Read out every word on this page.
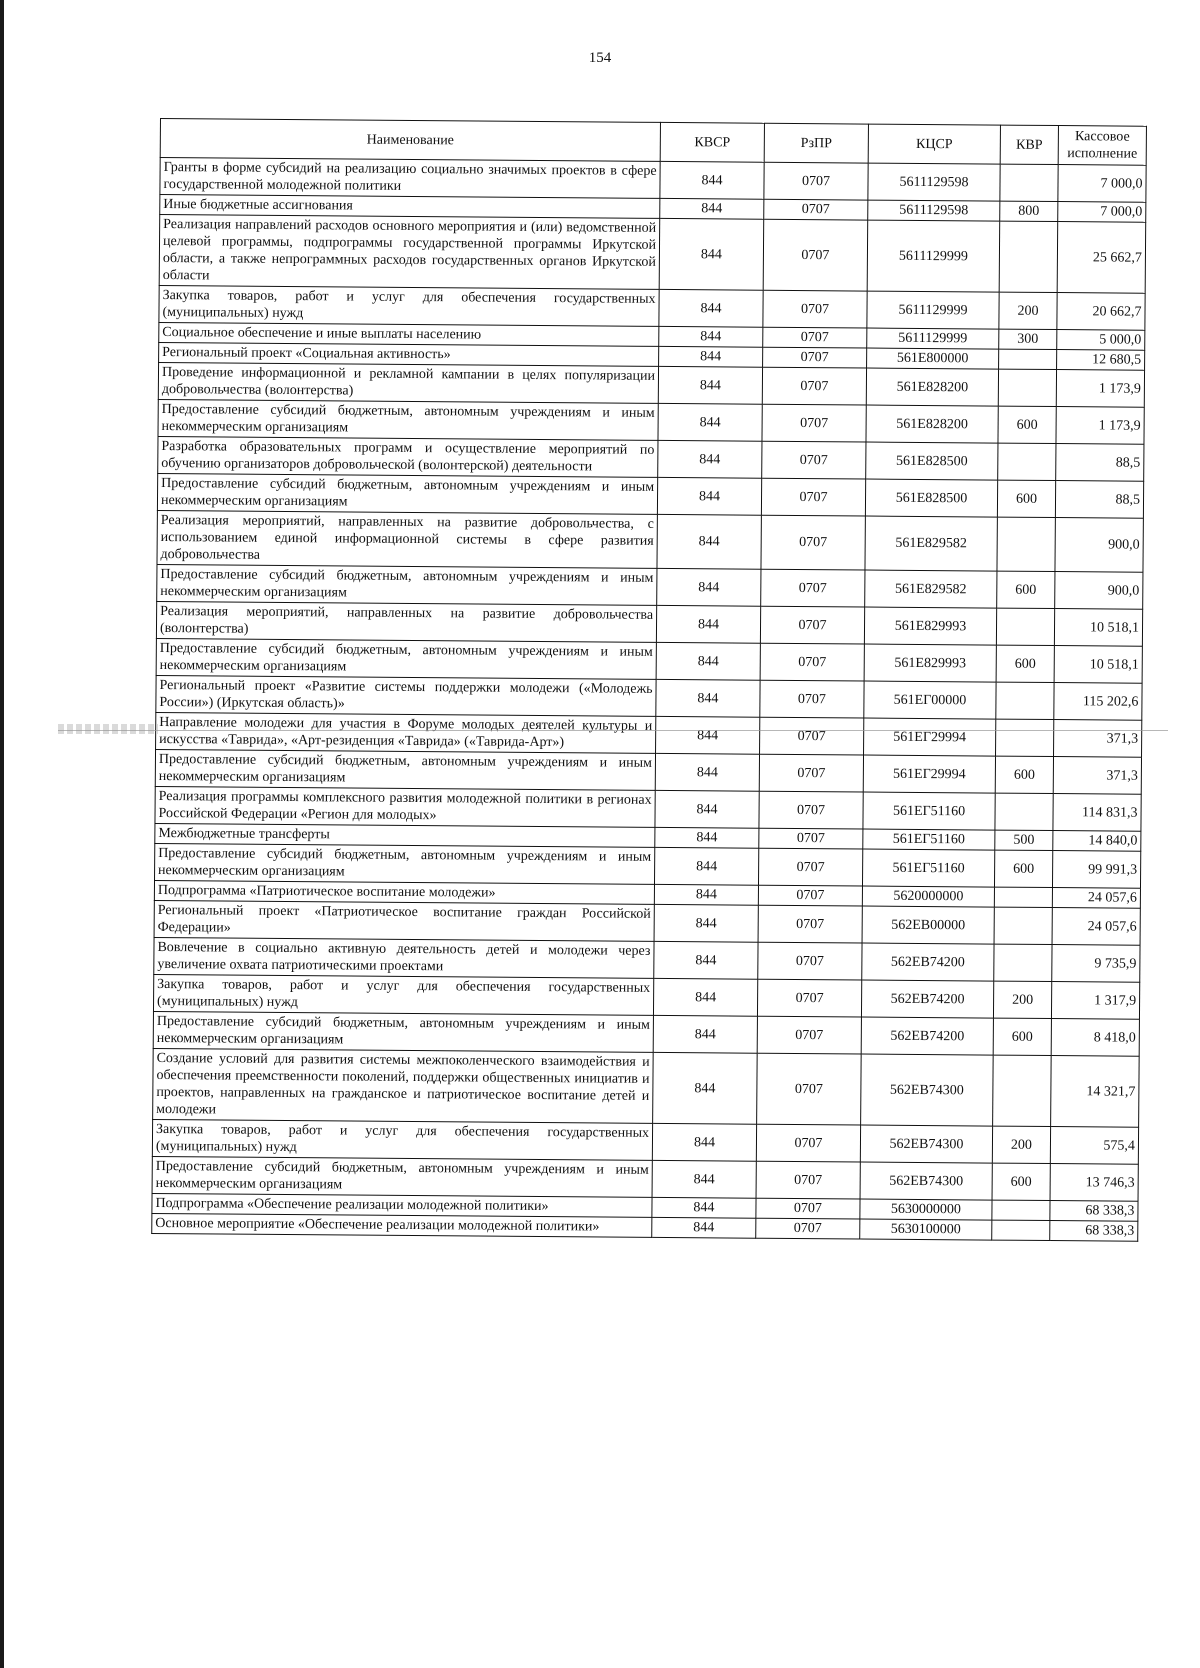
154
Наименование	КВСР	РзПР	КЦСР	КВР	Кассовое исполнение
Гранты в форме субсидий на реализацию социально значимых проектов в сфере государственной молодежной политики	844	0707	5611129598		7 000,0
Иные бюджетные ассигнования	844	0707	5611129598	800	7 000,0
Реализация направлений расходов основного мероприятия и (или) ведомственной целевой программы, подпрограммы государственной программы Иркутской области, а также непрограммных расходов государственных органов Иркутской области	844	0707	5611129999		25 662,7
Закупка товаров, работ и услуг для обеспечения государственных (муниципальных) нужд	844	0707	5611129999	200	20 662,7
Социальное обеспечение и иные выплаты населению	844	0707	5611129999	300	5 000,0
Региональный проект «Социальная активность»	844	0707	561E800000		12 680,5
Проведение информационной и рекламной кампании в целях популяризации добровольчества (волонтерства)	844	0707	561E828200		1 173,9
Предоставление субсидий бюджетным, автономным учреждениям и иным некоммерческим организациям	844	0707	561E828200	600	1 173,9
Разработка образовательных программ и осуществление мероприятий по обучению организаторов добровольческой (волонтерской) деятельности	844	0707	561E828500		88,5
Предоставление субсидий бюджетным, автономным учреждениям и иным некоммерческим организациям	844	0707	561E828500	600	88,5
Реализация мероприятий, направленных на развитие добровольчества, с использованием единой информационной системы в сфере развития добровольчества	844	0707	561E829582		900,0
Предоставление субсидий бюджетным, автономным учреждениям и иным некоммерческим организациям	844	0707	561E829582	600	900,0
Реализация мероприятий, направленных на развитие добровольчества (волонтерства)	844	0707	561E829993		10 518,1
Предоставление субсидий бюджетным, автономным учреждениям и иным некоммерческим организациям	844	0707	561E829993	600	10 518,1
Региональный проект «Развитие системы поддержки молодежи («Молодежь России») (Иркутская область)»	844	0707	561EГ00000		115 202,6
Направление молодежи для участия в Форуме молодых деятелей культуры и искусства «Таврида», «Арт-резиденция «Таврида» («Таврида-Арт»)	844	0707	561EГ29994		371,3
Предоставление субсидий бюджетным, автономным учреждениям и иным некоммерческим организациям	844	0707	561EГ29994	600	371,3
Реализация программы комплексного развития молодежной политики в регионах Российской Федерации «Регион для молодых»	844	0707	561EГ51160		114 831,3
Межбюджетные трансферты	844	0707	561EГ51160	500	14 840,0
Предоставление субсидий бюджетным, автономным учреждениям и иным некоммерческим организациям	844	0707	561EГ51160	600	99 991,3
Подпрограмма «Патриотическое воспитание молодежи»	844	0707	5620000000		24 057,6
Региональный проект «Патриотическое воспитание граждан Российской Федерации»	844	0707	562EB00000		24 057,6
Вовлечение в социально активную деятельность детей и молодежи через увеличение охвата патриотическими проектами	844	0707	562EB74200		9 735,9
Закупка товаров, работ и услуг для обеспечения государственных (муниципальных) нужд	844	0707	562EB74200	200	1 317,9
Предоставление субсидий бюджетным, автономным учреждениям и иным некоммерческим организациям	844	0707	562EB74200	600	8 418,0
Создание условий для развития системы межпоколенческого взаимодействия и обеспечения преемственности поколений, поддержки общественных инициатив и проектов, направленных на гражданское и патриотическое воспитание детей и молодежи	844	0707	562EB74300		14 321,7
Закупка товаров, работ и услуг для обеспечения государственных (муниципальных) нужд	844	0707	562EB74300	200	575,4
Предоставление субсидий бюджетным, автономным учреждениям и иным некоммерческим организациям	844	0707	562EB74300	600	13 746,3
Подпрограмма «Обеспечение реализации молодежной политики»	844	0707	5630000000		68 338,3
Основное мероприятие «Обеспечение реализации молодежной политики»	844	0707	5630100000		68 338,3
